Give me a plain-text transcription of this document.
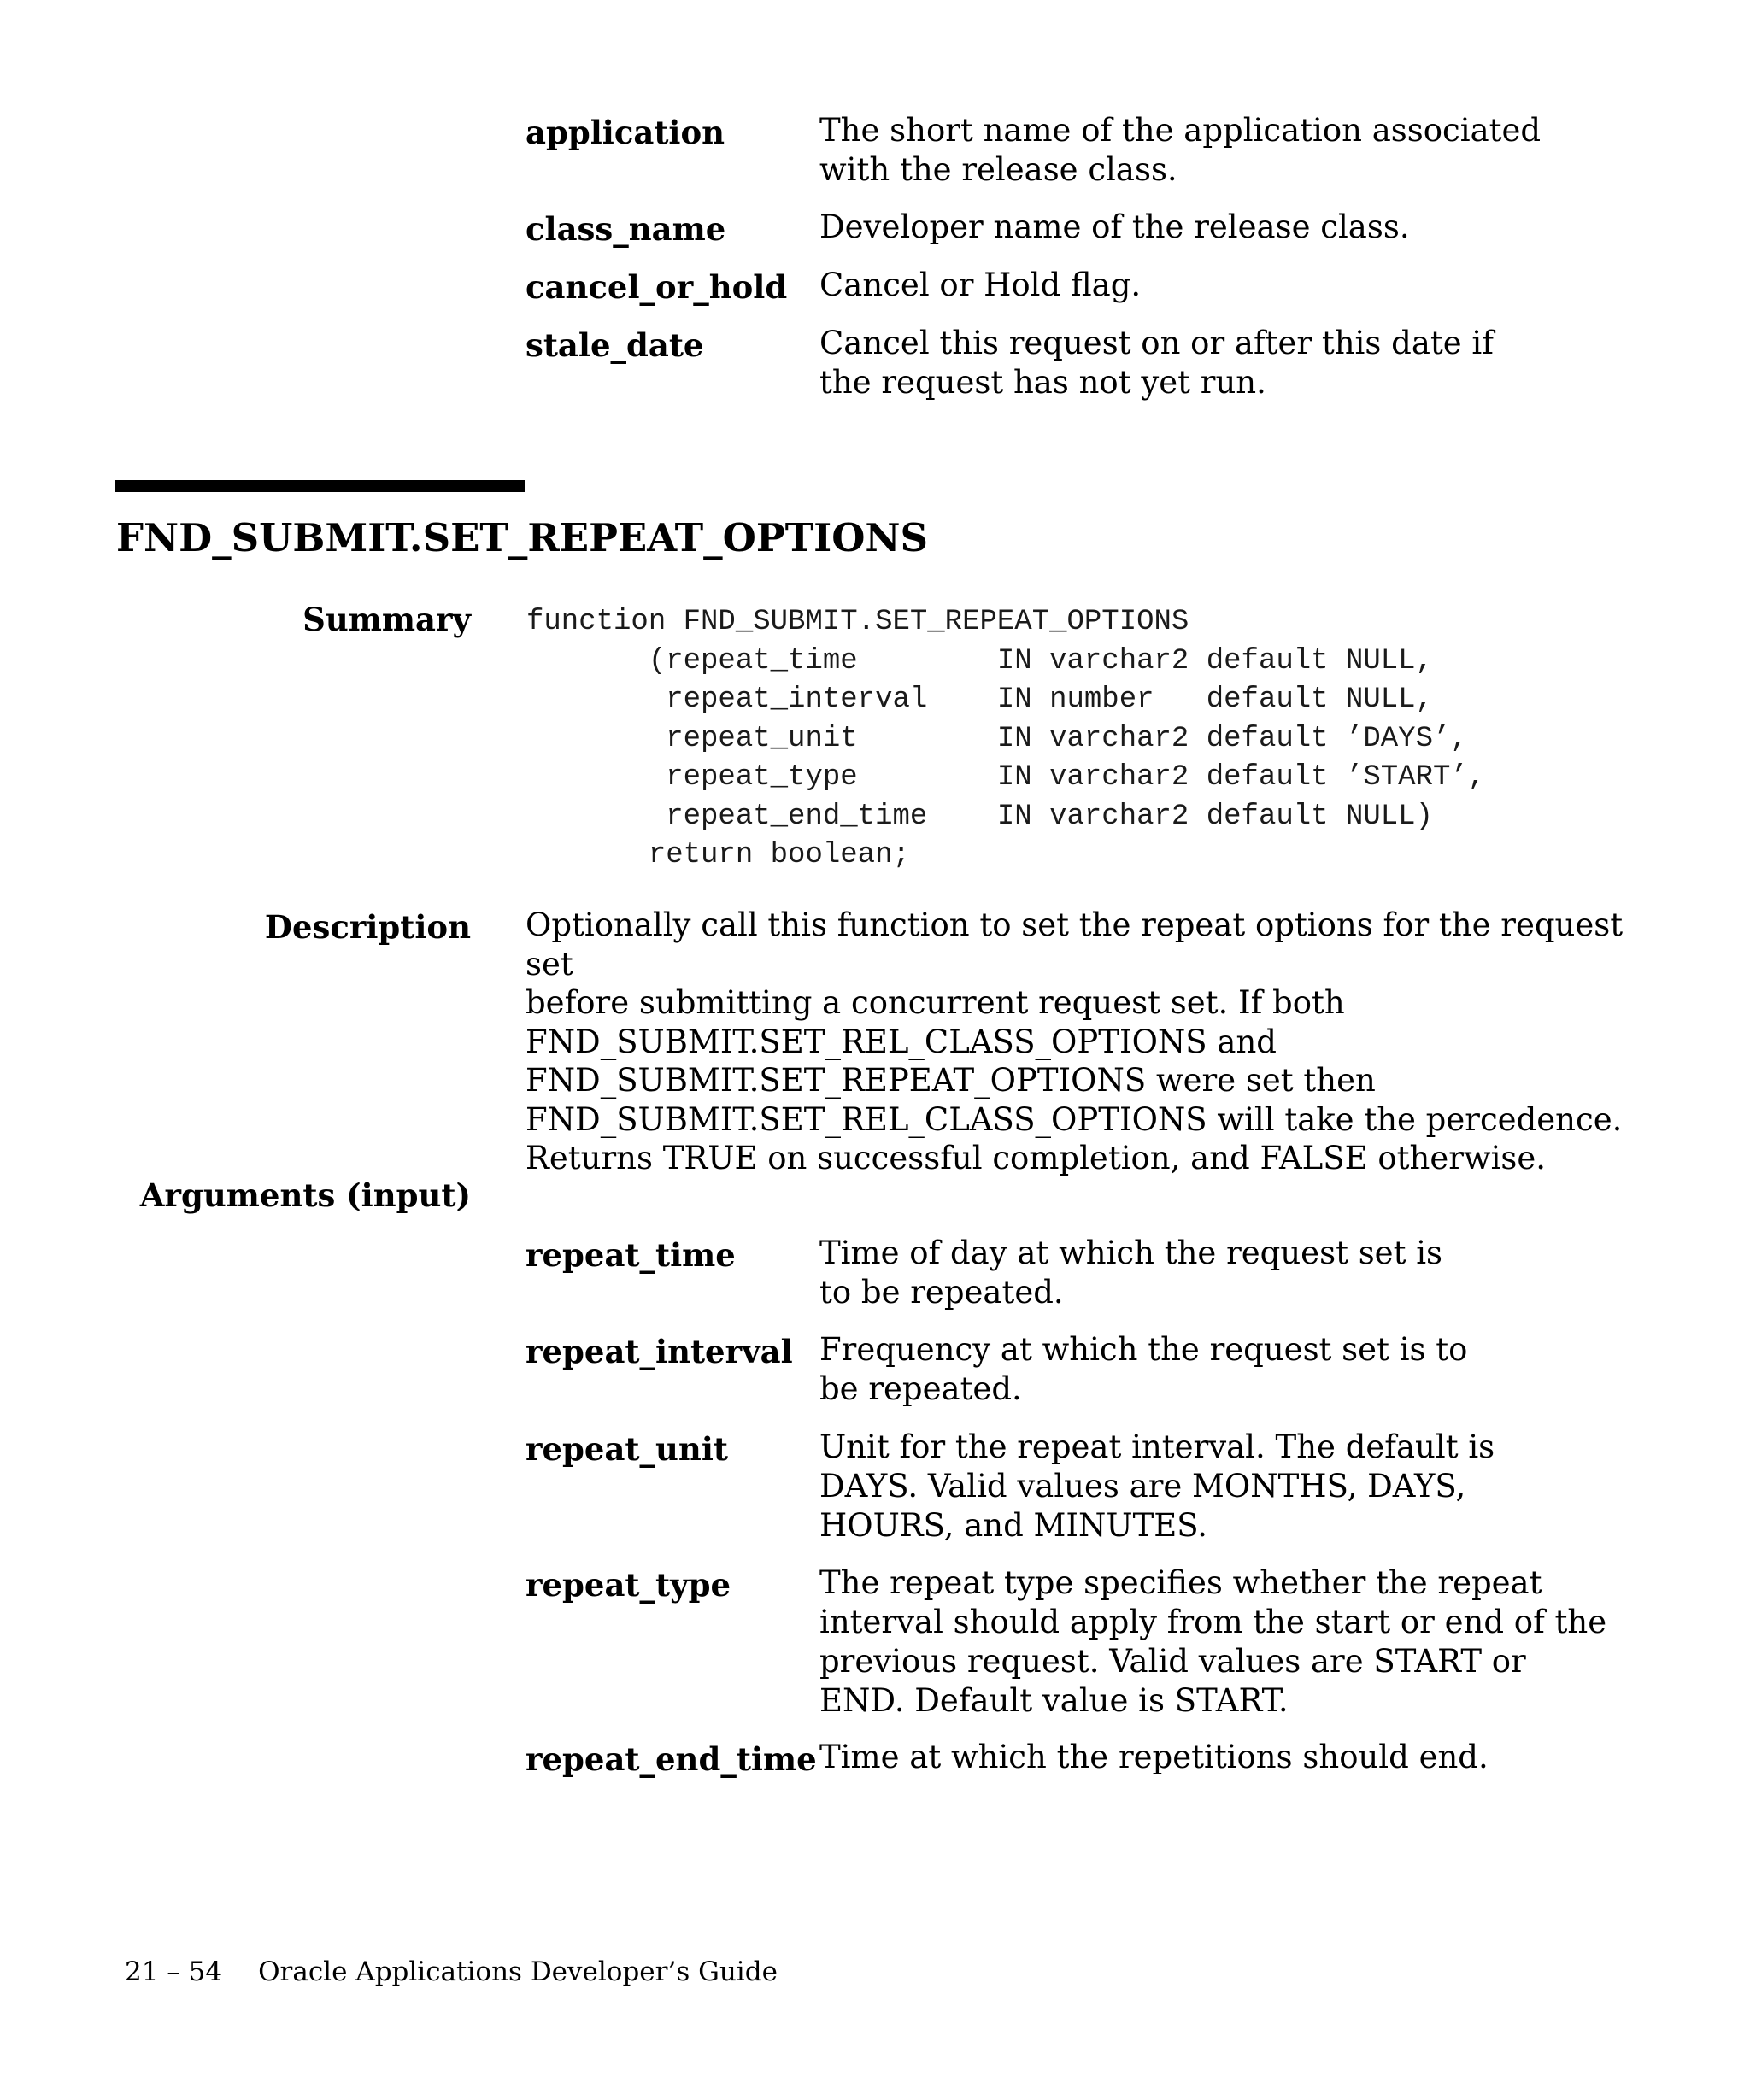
application	The short name of the application associated with the release class.
class_name	Developer name of the release class.
cancel_or_hold Cancel or Hold flag.
stale_date	Cancel this request on or after this date if the request has not yet run.
FND_SUBMIT.SET_REPEAT_OPTIONS
Summary function FND_SUBMIT.SET_REPEAT_OPTIONS
(repeat_time        IN varchar2 default NULL,
repeat_interval    IN number   default NULL,
repeat_unit        IN varchar2 default ’DAYS’,
repeat_type        IN varchar2 default ’START’,
repeat_end_time    IN varchar2 default NULL)
return boolean;
Description Optionally call this function to set the repeat options for the request set
before submitting a concurrent request set. If both
FND_SUBMIT.SET_REL_CLASS_OPTIONS and
FND_SUBMIT.SET_REPEAT_OPTIONS were set then
FND_SUBMIT.SET_REL_CLASS_OPTIONS will take the percedence.
Returns TRUE on successful completion, and FALSE otherwise.
Arguments (input)
repeat_time	Time of day at which the request set is to be repeated.
repeat_interval Frequency at which the request set is to be repeated.
repeat_unit	Unit for the repeat interval. The default is DAYS. Valid values are MONTHS, DAYS, HOURS, and MINUTES.
repeat_type	The repeat type specifies whether the repeat interval should apply from the start or end of the previous request. Valid values are START or END. Default value is START.
repeat_end_time Time at which the repetitions should end.
21 – 54 Oracle Applications Developer’s Guide
